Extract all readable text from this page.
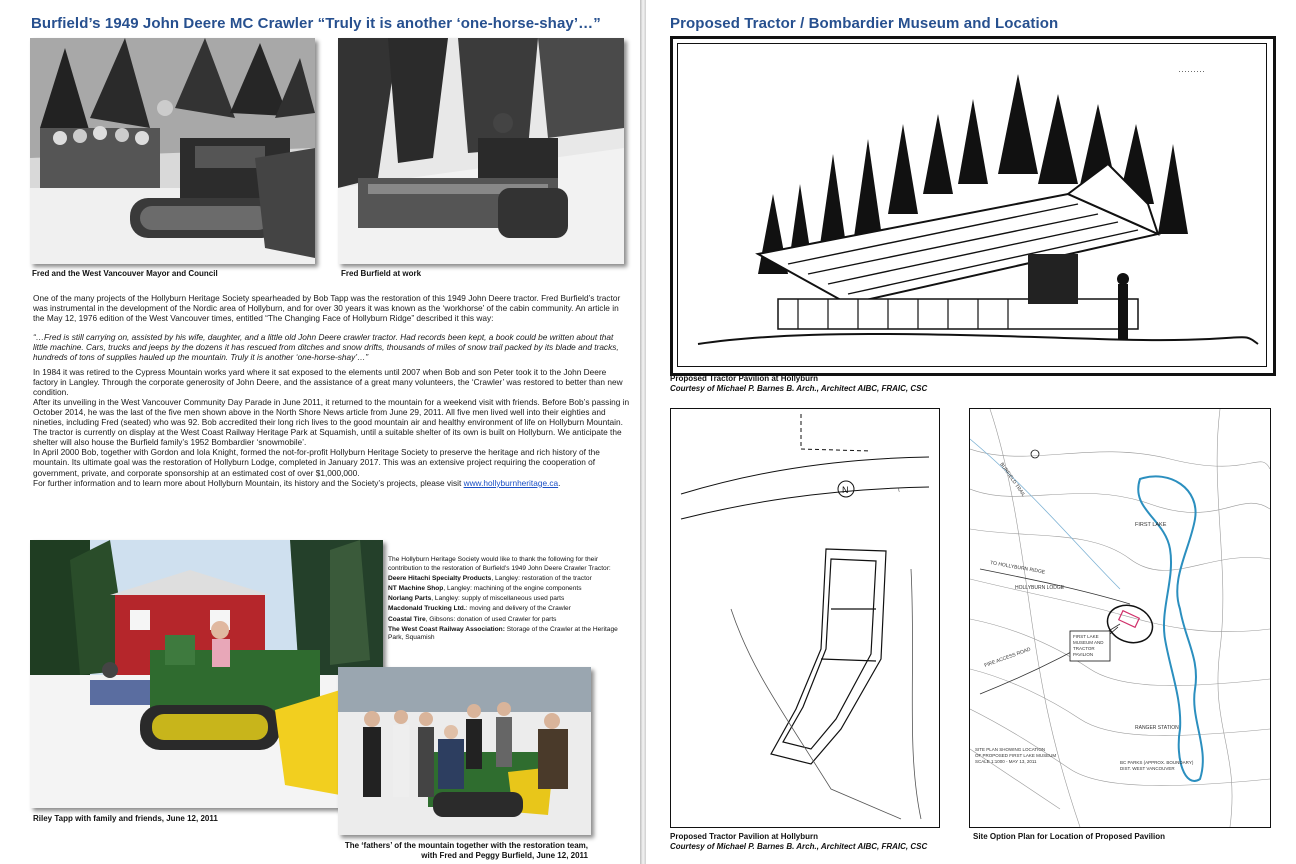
Burfield’s 1949 John Deere MC Crawler “Truly it is another ‘one-horse-shay’…”
Fred and the West Vancouver Mayor and Council	Fred Burfield at work

One of the many projects of the Hollyburn Heritage Society spearheaded by Bob Tapp was the restoration of this 1949 John Deere tractor. Fred Burfield’s tractor was instrumental in the development of the Nordic area of Hollyburn, and for over 30 years it was known as the ‘workhorse’ of the cabin community. An article in the May 12, 1976 edition of the West Vancouver times, entitled “The Changing Face of Hollyburn Ridge” described it this way:

“…Fred is still carrying on, assisted by his wife, daughter, and a little old John Deere crawler tractor. Had records been kept, a book could be written about that little machine. Cars, trucks and jeeps by the dozens it has rescued from ditches and snow drifts, thousands of miles of snow trail packed by its blade and tracks, hundreds of tons of supplies hauled up the mountain. Truly it is another ‘one-horse-shay’…”

In 1984 it was retired to the Cypress Mountain works yard where it sat exposed to the elements until 2007 when Bob and son Peter took it to the John Deere factory in Langley. Through the corporate generosity of John Deere, and the assistance of a great many volunteers, the ‘Crawler’ was restored to better than new condition.

After its unveiling in the West Vancouver Community Day Parade in June 2011, it returned to the mountain for a weekend visit with friends. Before Bob’s passing in October 2014, he was the last of the five men shown above in the North Shore News article from June 29, 2011. All five men lived well into their eighties and nineties, including Fred (seated) who was 92. Bob accredited their long rich lives to the good mountain air and healthy environment of life on Hollyburn Mountain.

The tractor is currently on display at the West Coast Railway Heritage Park at Squamish, until a suitable shelter of its own is built on Hollyburn. We anticipate the shelter will also house the Burfield family’s 1952 Bombardier ‘snowmobile’.

In April 2000 Bob, together with Gordon and Iola Knight, formed the not-for-profit Hollyburn Heritage Society to preserve the heritage and rich history of the mountain. Its ultimate goal was the restoration of Hollyburn Lodge, completed in January 2017. This was an extensive project requiring the cooperation of government, private, and corporate sponsorship at an estimated cost of over $1,000,000.

For further information and to learn more about Hollyburn Mountain, its history and the Society’s projects, please visit www.hollyburnheritage.ca.

Riley Tapp with family and friends, June 12, 2011
The Hollyburn Heritage Society would like to thank the following for their contribution to the restoration of Burfield’s 1949 John Deere Crawler Tractor:
Deere Hitachi Specialty Products, Langley: restoration of the tractor
NT Machine Shop, Langley: machining of the engine components
Norlang Parts, Langley: supply of miscellaneous used parts
Macdonald Trucking Ltd.: moving and delivery of the Crawler
Coastal Tire, Gibsons: donation of used Crawler for parts
The West Coast Railway Association: Storage of the Crawler at the Heritage Park, Squamish
The ‘fathers’ of the mountain together with the restoration team,
with Fred and Peggy Burfield, June 12, 2011
Proposed Tractor / Bombardier Museum and Location
·········
Proposed Tractor Pavilion at Hollyburn
Courtesy of Michael P. Barnes B. Arch., Architect AIBC, FRAIC, CSC
N	~
Proposed Tractor Pavilion at Hollyburn
Courtesy of Michael P. Barnes B. Arch., Architect AIBC, FRAIC, CSC
BURFIELD TRAIL
FIRST LAKE
TO HOLLYBURN RIDGE
HOLLYBURN LODGE
FIRE ACCESS ROAD
FIRST LAKE
MUSEUM AND
TRACTOR
PAVILION
RANGER STATION
SITE PLAN SHOWING LOCATION
OF PROPOSED FIRST LAKE MUSEUM
SCALE 1:1000 - MAY 13, 2011	BC PARKS (APPROX. BOUNDARY)
DIST. WEST VANCOUVER
Site Option Plan for Location of Proposed Pavilion
